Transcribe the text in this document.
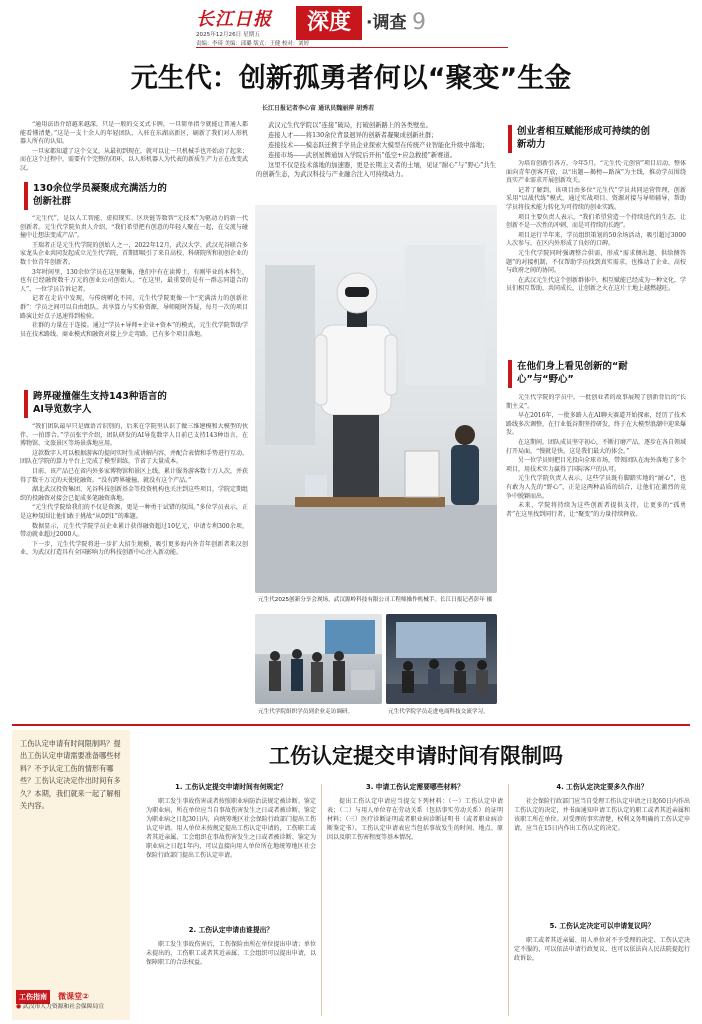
长江日报
2025年12月26日 星期五
责编：李琦 美编：邱璐 版式：王健 校对：刘婷
深度 ·调查 9
元生代：创新孤勇者何以“聚变”生金
长江日报记者李心宙 通讯员魏丽萍 胡秀若

“通用法语介绍越来越深，只是一般的交叉式卡牌，一旦简单指令就能让普通人都能看懂清楚。”这是一支十余人的年轻团队，入驻在东湖高新区，刷新了我们对人形机器人所有的认知。

一旦家都知道了这个交叉，从最初到现在，就可以让一只机械手也开始动了起来；而在这个过程中，需要有个完整的闭环，以人形机器人为代表的新质生产力正在改变武汉。

130余位学员凝聚成充满活力的创新社群

“元生代”，是以人工智能、虚拟现实、区块链等数智“元技术”为驱动力的新一代创新者。元生代学院负责人介绍，“我们希望把有创意的年轻人聚在一起，在交流与碰撞中让想法变成产品”。

王瑞者正是元生代学院的创始人之一，2022年12月，武汉大学、武汉光谷联合多家龙头企业共同发起成立元生代学院，首期即吸引了来自高校、科研院所和初创企业的数十位青年创新者。

3年时间里，130余位学员在这里聚集，他们中有在读博士、有刚毕业的本科生，也有已经融资数千万元的创业公司创始人。“在这里，最重要的是有一群志同道合的人”，一位学员告诉记者。

记者在走访中发现，与传统孵化不同，元生代学院更像一个“充满活力的创新社群”：学员之间可以自由组队，共享算力与实验资源，导师随时答疑，每月一次的项目路演让好点子迅速得到检验。

社群的力量在于连接。通过“学员+导师+企业+资本”的模式，元生代学院帮助学员在技术路线、商业模式和融资对接上少走弯路，已有多个项目落地。

跨界碰撞催生支持143种语言的AI导览数字人

“我们团队最早只是做语音识别的，后来在学院里认识了做三维建模和大模型的伙伴，一拍即合。”学员张宇介绍，团队研发的AI导览数字人目前已支持143种语言，在博物馆、文旅景区等场景落地应用。

这款数字人可以根据游客的提问实时生成讲解内容，并配合表情和手势进行互动。团队在学院的算力平台上完成了模型训练，节省了大量成本。

目前，该产品已在省内外多家博物馆和景区上线，累计服务游客数十万人次，并获得了数千万元的天使轮融资。“没有跨界碰撞，就没有这个产品。”

湖北武汉投资集团、光谷科技创新基金等投资机构也关注到这些项目，学院定期组织的投融资对接会已促成多笔融资落地。

“元生代学院给我们的不仅是资源，更是一种勇于试错的氛围。”多位学员表示，正是这种氛围让他们敢于挑战“从0到1”的难题。

数据显示，元生代学院学员企业累计获得融资超过10亿元，申请专利300余项，带动就业超过2000人。

下一步，元生代学院将进一步扩大招生规模，吸引更多海内外青年创新者来汉创业，为武汉打造具有全国影响力的科技创新中心注入新动能。

武汉元生代学院以“连接”破局，打破创新路上的各类壁垒。

连接人才——将130余位背景迥异的创新者凝聚成创新社群；

连接技术——模态跃迁携手学员企业探索大模型在传统产业智能化升级中落地；

连接市场——武创星牌通加入学院后开拓“低空+应急救援”新赛道。

这里不仅是技术落地的加速器，更是长期主义者的土壤，见证“耐心”与“野心”共生的创新生态，为武汉科技与产业融合注入可持续动力。

元生代2025创新分享会现场，武汉源岭科技有限公司工程师操作机械手。长江日报记者彭年 摄
元生代学院组织学员到企业走访调研。	元生代学院学员走进电商科技交流学习。
创业者相互赋能形成可持续的创新动力

为培育创新引各方，今年5月，“元生代·元创营”项目启动，整体面向青年创客开放，以“出题—揭榜—路演”为主线，推动学员围绕真实产业需求开展创新攻关。

记者了解到，该项目由多位“元生代”学员共同运营管理，创新采用“以战代练”模式，通过实战项目、资源对接与导师辅导，帮助学员将技术能力转化为可持续的创业实践。

项目主要负责人表示，“我们希望营造一个持续迭代的生态，让创新不是一次性的冲刺，而是可持续的长跑”。

项目运行半年来，学员组织策划的50余场活动，吸引超过3000人次参与，在区内外形成了良好的口碑。

元生代学院同时强调整合供需，形成“需求侧出题、供给侧答题”的对接机制，不仅帮助学员找到真实需求，也推动了企业、高校与政府之间的协同。

在武汉元生代这个创新群体中，相互赋能已经成为一种文化，学员们相互帮助，共同成长，让创新之火在这片土地上越燃越旺。

在他们身上看见创新的“耐心”与“野心”

元生代学院的学员中，一批创业者的故事展现了创新背后的“长期主义”。

早在2016年，一批多路人在AI聊天赛道开始探索，经历了技术路线多次调整，在行业低谷期坚持研发，终于在大模型浪潮中迎来爆发。

在这期间，团队成员坚守初心，不断打磨产品，逐步在各自领域打开局面，“慢就是快，这是我们最大的体会。”

另一位学员则把目光投向全球市场，带领团队在海外落地了多个项目，用技术实力赢得了国际客户的认可。

元生代学院负责人表示，这些学员既有脚踏实地的“耐心”，也有敢为人先的“野心”，正是这两种品质的结合，让他们在激烈的竞争中脱颖而出。

未来，学院将持续为这些创新者提供支持，让更多的“孤勇者”在这里找到同行者，让“聚变”的力量持续释放。

工伤认定申请有时间限制吗？提出工伤认定申请需要准备哪些材料？不予认定工伤的情形有哪些？工伤认定决定作出时间有多久？本期，我们就来一起了解相关内容。
工伤指南 微课堂②
● 武汉市人力资源和社会保障局宣
工伤认定提交申请时间有限制吗
1. 工伤认定提交申请时间有何规定？

职工发生事故伤害或者按照职业病防治法规定被诊断、鉴定为职业病，所在单位应当自事故伤害发生之日或者被诊断、鉴定为职业病之日起30日内，向统筹地区社会保险行政部门提出工伤认定申请。用人单位未按规定提出工伤认定申请的，工伤职工或者其近亲属、工会组织在事故伤害发生之日或者被诊断、鉴定为职业病之日起1年内，可以直接向用人单位所在地统筹地区社会保险行政部门提出工伤认定申请。

2. 工伤认定申请由谁提出？

职工发生事故伤害后，工伤保险由所在单位提出申请；单位未提出的，工伤职工或者其近亲属、工会组织可以提出申请，以保障职工的合法权益。

3. 申请工伤认定需要哪些材料？

提出工伤认定申请应当提交下列材料：（一）工伤认定申请表；（二）与用人单位存在劳动关系（包括事实劳动关系）的证明材料；（三）医疗诊断证明或者职业病诊断证明书（或者职业病诊断鉴定书）。工伤认定申请表应当包括事故发生的时间、地点、原因以及职工伤害程度等基本情况。

4. 工伤认定决定要多久作出？

社会保险行政部门应当自受理工伤认定申请之日起60日内作出工伤认定的决定，并书面通知申请工伤认定的职工或者其近亲属和该职工所在单位。对受理的事实清楚、权利义务明确的工伤认定申请，应当在15日内作出工伤认定的决定。

5. 工伤认定决定可以申请复议吗？

职工或者其近亲属、用人单位对不予受理的决定、工伤认定决定不服的，可以依法申请行政复议，也可以依法向人民法院提起行政诉讼。
